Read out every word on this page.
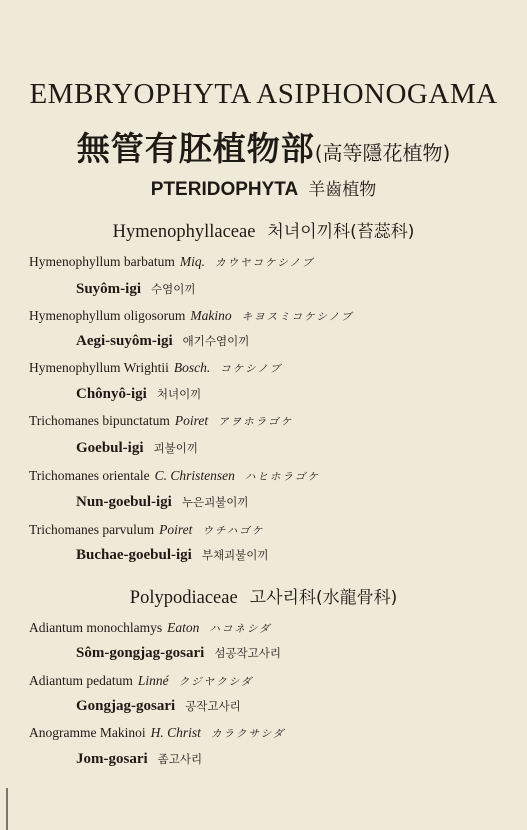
EMBRYOPHYTA ASIPHONOGAMA
無管有胚植物部(高等隱花植物)
PTERIDOPHYTA 羊齒植物
Hymenophyllaceae 처녀이끼科(苔蕊科)
Hymenophyllum barbatum Miq. カウヤコケシノブ
Suyôm-igi 수염이끼
Hymenophyllum oligosorum Makino キヨスミコケシノブ
Aegi-suyôm-igi 애기수염이끼
Hymenophyllum Wrightii Bosch. コケシノブ
Chônyô-igi 처녀이끼
Trichomanes bipunctatum Poiret アヲホラゴケ
Goebul-igi 괴불이끼
Trichomanes orientale C. Christensen ハヒホラゴケ
Nun-goebul-igi 누은괴불이끼
Trichomanes parvulum Poiret ウチハゴケ
Buchae-goebul-igi 부채괴불이끼
Polypodiaceae 고사리科(水龍骨科)
Adiantum monochlamys Eaton ハコネシダ
Sôm-gongjag-gosari 섬공작고사리
Adiantum pedatum Linné クジヤクシダ
Gongjag-gosari 공작고사리
Anogramme Makinoi H. Christ カラクサシダ
Jom-gosari 좀고사리
